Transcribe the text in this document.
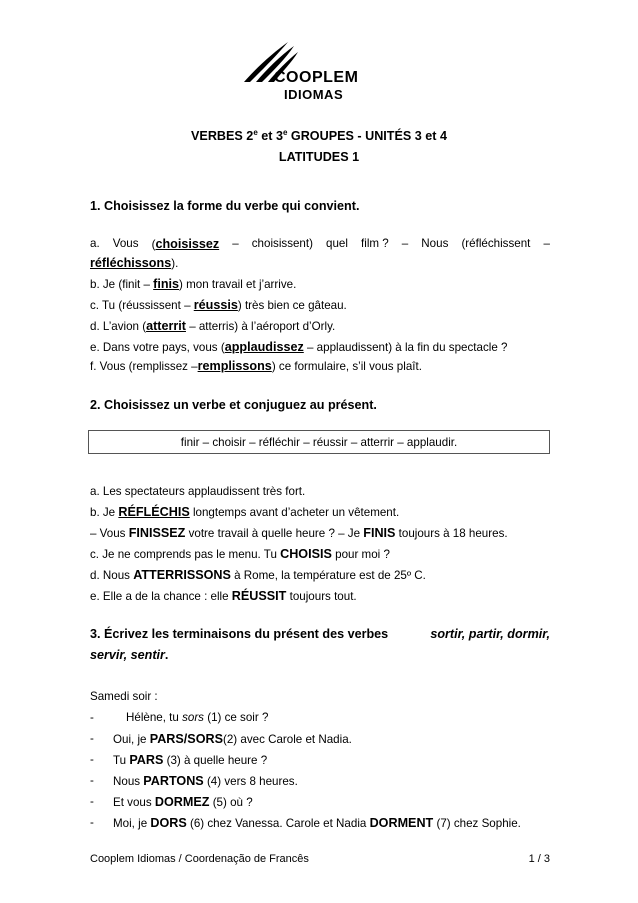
COOPLEM
IDIOMAS
VERBES 2e et 3e GROUPES - UNITÉS 3 et 4
LATITUDES 1
1. Choisissez la forme du verbe qui convient.
a. Vous (choisissez – choisissent) quel film ? – Nous (réfléchissent –
réfléchissons).
b. Je (finit – finis) mon travail et j’arrive.
c. Tu (réussissent – réussis) très bien ce gâteau.
d. L’avion (atterrit – atterris) à l’aéroport d’Orly.
e. Dans votre pays, vous (applaudissez – applaudissent) à la fin du spectacle ?
f. Vous (remplissez –remplissons) ce formulaire, s’il vous plaît.
2. Choisissez un verbe et conjuguez au présent.
finir – choisir – réfléchir – réussir – atterrir – applaudir.
a. Les spectateurs applaudissent très fort.
b. Je RÉFLÉCHIS longtemps avant d’acheter un vêtement.
– Vous FINISSEZ votre travail à quelle heure ? – Je FINIS toujours à 18 heures.
c. Je ne comprends pas le menu. Tu CHOISIS pour moi ?
d. Nous ATTERRISSONS à Rome, la température est de 25º C.
e. Elle a de la chance : elle RÉUSSIT toujours tout.
3. Écrivez les terminaisons du présent des verbes	sortir, partir, dormir,
servir, sentir.
Samedi soir :
-	Hélène, tu sors (1) ce soir ?
- Oui, je PARS/SORS(2) avec Carole et Nadia.
- Tu PARS (3) à quelle heure ?
- Nous PARTONS (4) vers 8 heures.
- Et vous DORMEZ (5) où ?
- Moi, je DORS (6) chez Vanessa. Carole et Nadia DORMENT (7) chez Sophie.
Cooplem Idiomas / Coordenação de Francês	1 / 3
